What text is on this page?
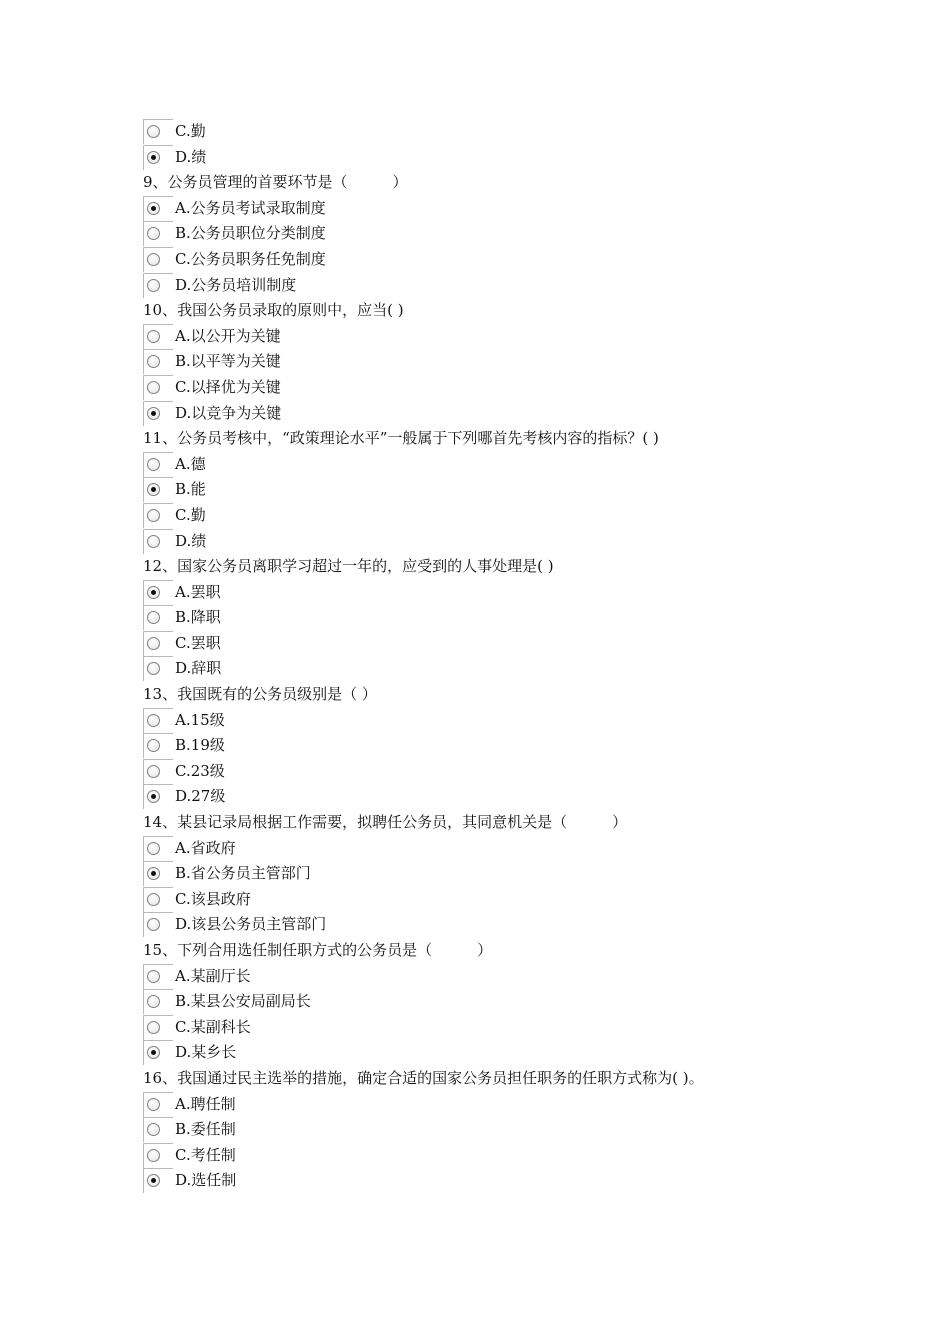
C.勤
D.绩
9、公务员管理的首要环节是（　　　）
A.公务员考试录取制度
B.公务员职位分类制度
C.公务员职务任免制度
D.公务员培训制度
10、我国公务员录取的原则中，应当( )
A.以公开为关键
B.以平等为关键
C.以择优为关键
D.以竞争为关键
11、公务员考核中，“政策理论水平”一般属于下列哪首先考核内容的指标？( )
A.德
B.能
C.勤
D.绩
12、国家公务员离职学习超过一年的，应受到的人事处理是( )
A.罢职
B.降职
C.罢职
D.辞职
13、我国既有的公务员级别是（ ）
A.15级
B.19级
C.23级
D.27级
14、某县记录局根据工作需要，拟聘任公务员，其同意机关是（　　　）
A.省政府
B.省公务员主管部门
C.该县政府
D.该县公务员主管部门
15、下列合用选任制任职方式的公务员是（　　　）
A.某副厅长
B.某县公安局副局长
C.某副科长
D.某乡长
16、我国通过民主选举的措施，确定合适的国家公务员担任职务的任职方式称为( )。
A.聘任制
B.委任制
C.考任制
D.选任制
